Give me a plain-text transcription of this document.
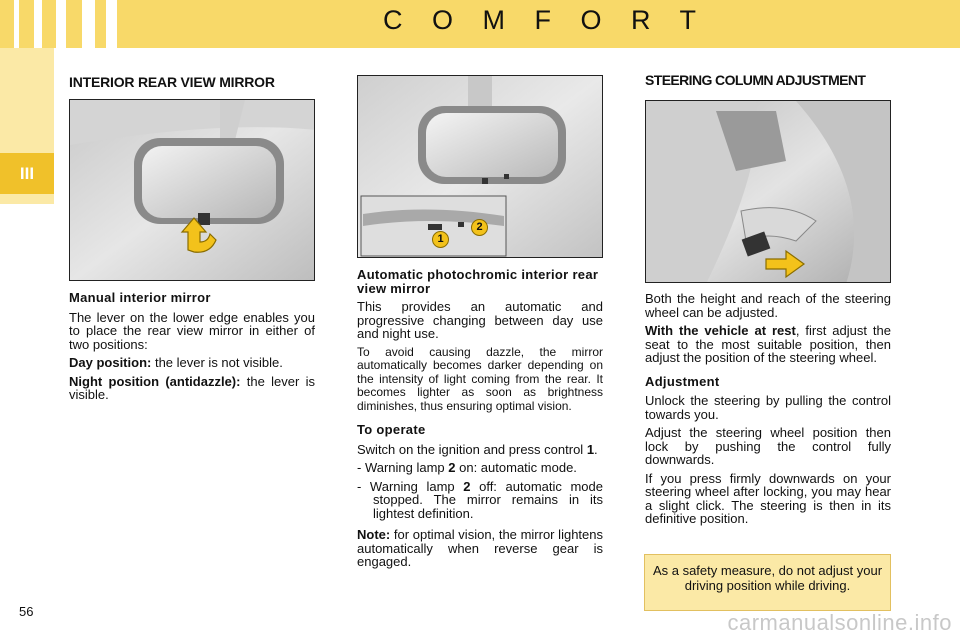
C O M F O R T
III
56
1
2

INTERIOR REAR VIEW MIRROR

Manual interior mirror

The lever on the lower edge enables you to place the rear view mirror in either of two positions:

Day position: the lever is not visible.

Night position (antidazzle): the lever is visible.

Automatic photochromic interior rear view mirror

This provides an automatic and progressive changing between day use and night use.

To avoid causing dazzle, the mirror automatically becomes darker depending on the intensity of light coming from the rear. It becomes lighter as soon as brightness diminishes, thus ensuring optimal vision.

To operate

Switch on the ignition and press control 1.

- Warning lamp 2 on: automatic mode.

- Warning lamp 2 off: automatic mode stopped. The mirror remains in its lightest definition.

Note: for optimal vision, the mirror lightens automatically when reverse gear is engaged.

STEERING COLUMN ADJUSTMENT

Both the height and reach of the steering wheel can be adjusted.

With the vehicle at rest, first adjust the seat to the most suitable position, then adjust the position of the steering wheel.

Adjustment

Unlock the steering by pulling the control towards you.

Adjust the steering wheel position then lock by pushing the control fully downwards.

If you press firmly downwards on your steering wheel after locking, you may hear a slight click. The steering is then in its definitive position.

As a safety measure, do not adjust your driving position while driving.
carmanualsonline.info
